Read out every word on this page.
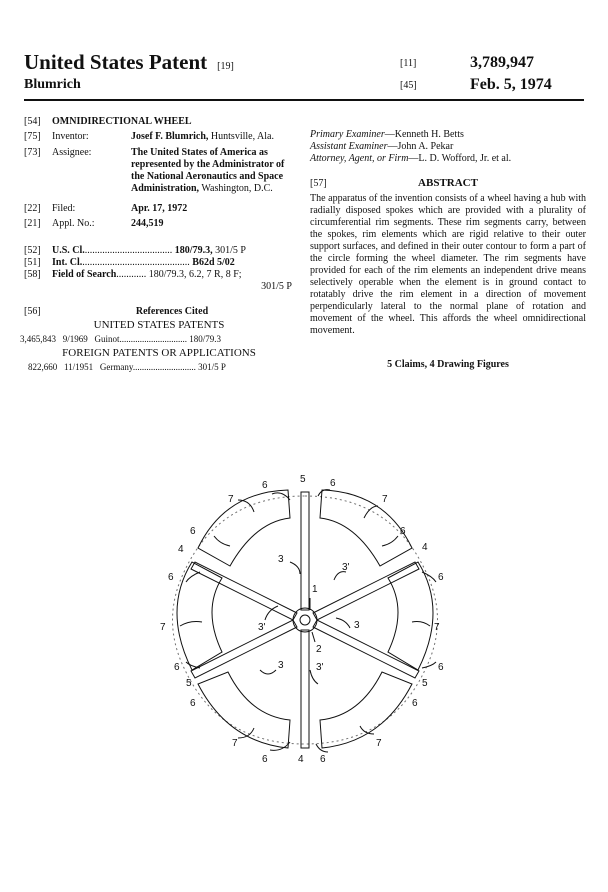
United States Patent [19]
Blumrich
[11]	3,789,947
[45]	Feb. 5, 1974
[54]	OMNIDIRECTIONAL WHEEL
[75]	Inventor:	Josef F. Blumrich, Huntsville, Ala.
[73]	Assignee:	The United States of America as
represented by the Administrator of
the National Aeronautics and Space
Administration, Washington, D.C.
[22]	Filed:	Apr. 17, 1972
[21]	Appl. No.:	244,519
[52]	U.S. Cl.................................... 180/79.3, 301/5 P
[51]	Int. Cl............................................ B62d 5/02
[58]	Field of Search............ 180/79.3, 6.2, 7 R, 8 F;
301/5 P
[56]	References Cited
UNITED STATES PATENTS
3,465,843 9/1969 Guinot.............................. 180/79.3
FOREIGN PATENTS OR APPLICATIONS
822,660 11/1951 Germany............................ 301/5 P
Primary Examiner—Kenneth H. Betts
Assistant Examiner—John A. Pekar
Attorney, Agent, or Firm—L. D. Wofford, Jr. et al.
[57]	ABSTRACT
The apparatus of the invention consists of a wheel having a hub with radially disposed spokes which are provided with a plurality of circumferential rim segments. These rim segments carry, between the spokes, rim elements which are rigid relative to their outer support surfaces, and defined in their outer contour to form a part of the circle forming the wheel diameter. The rim segments have provided for each of the rim elements an independent drive means selectively operable when the element is in ground contact to rotatably drive the rim element in a direction of movement perpendicularly lateral to the normal plane of rotation and movement of the wheel. This affords the wheel omnidirectional movement.
5 Claims, 4 Drawing Figures
6
5 6
7	7
6	6
4	4
6	6
3
3'
1
3'	3
7	7
2
3	3'
6	6
5	5
6	6
7	7
6	4 6
